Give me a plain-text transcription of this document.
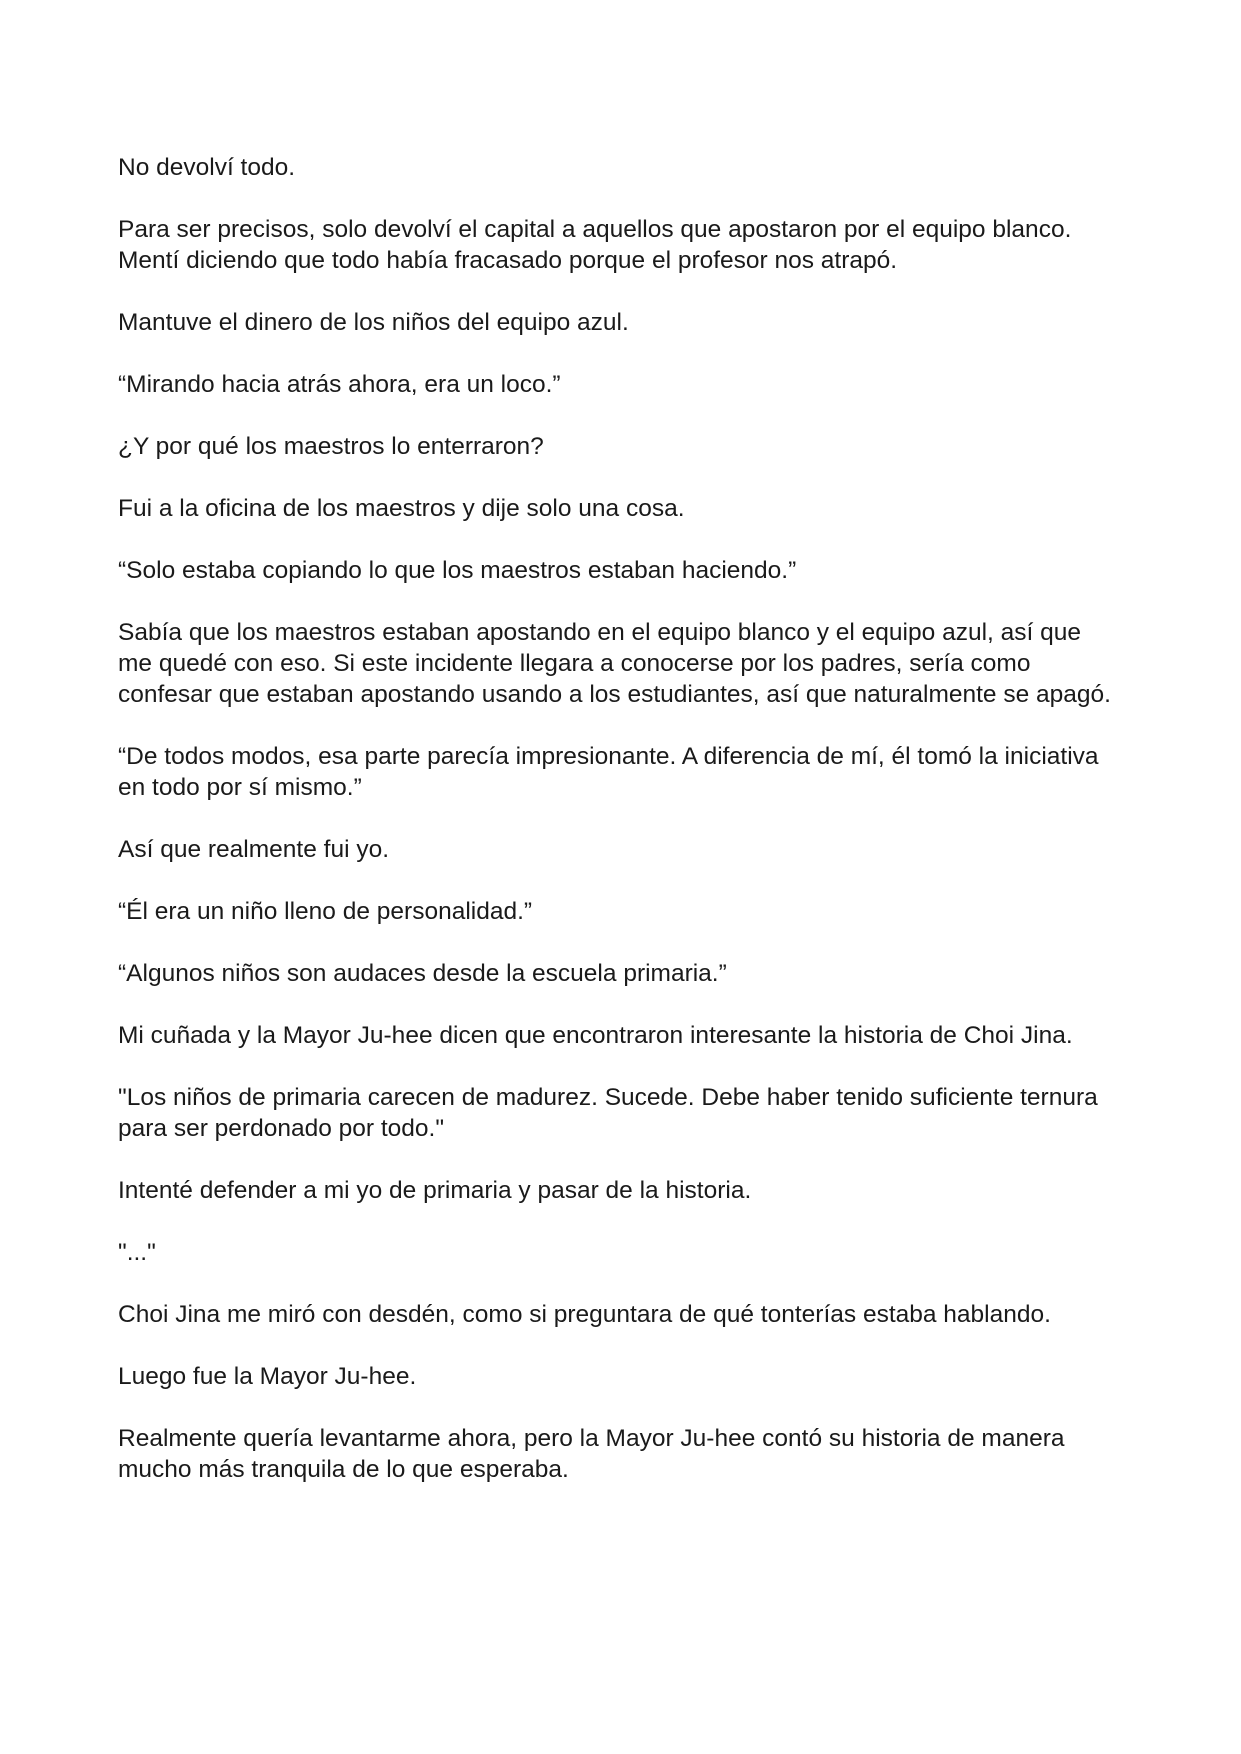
No devolví todo.

Para ser precisos, solo devolví el capital a aquellos que apostaron por el equipo blanco. Mentí diciendo que todo había fracasado porque el profesor nos atrapó.

Mantuve el dinero de los niños del equipo azul.

“Mirando hacia atrás ahora, era un loco.”

¿Y por qué los maestros lo enterraron?

Fui a la oficina de los maestros y dije solo una cosa.

“Solo estaba copiando lo que los maestros estaban haciendo.”

Sabía que los maestros estaban apostando en el equipo blanco y el equipo azul, así que me quedé con eso. Si este incidente llegara a conocerse por los padres, sería como confesar que estaban apostando usando a los estudiantes, así que naturalmente se apagó.

“De todos modos, esa parte parecía impresionante. A diferencia de mí, él tomó la iniciativa en todo por sí mismo.”

Así que realmente fui yo.

“Él era un niño lleno de personalidad.”

“Algunos niños son audaces desde la escuela primaria.”

Mi cuñada y la Mayor Ju-hee dicen que encontraron interesante la historia de Choi Jina.

"Los niños de primaria carecen de madurez. Sucede. Debe haber tenido suficiente ternura para ser perdonado por todo."

Intenté defender a mi yo de primaria y pasar de la historia.

"..."

Choi Jina me miró con desdén, como si preguntara de qué tonterías estaba hablando.

Luego fue la Mayor Ju-hee.

Realmente quería levantarme ahora, pero la Mayor Ju-hee contó su historia de manera mucho más tranquila de lo que esperaba.
